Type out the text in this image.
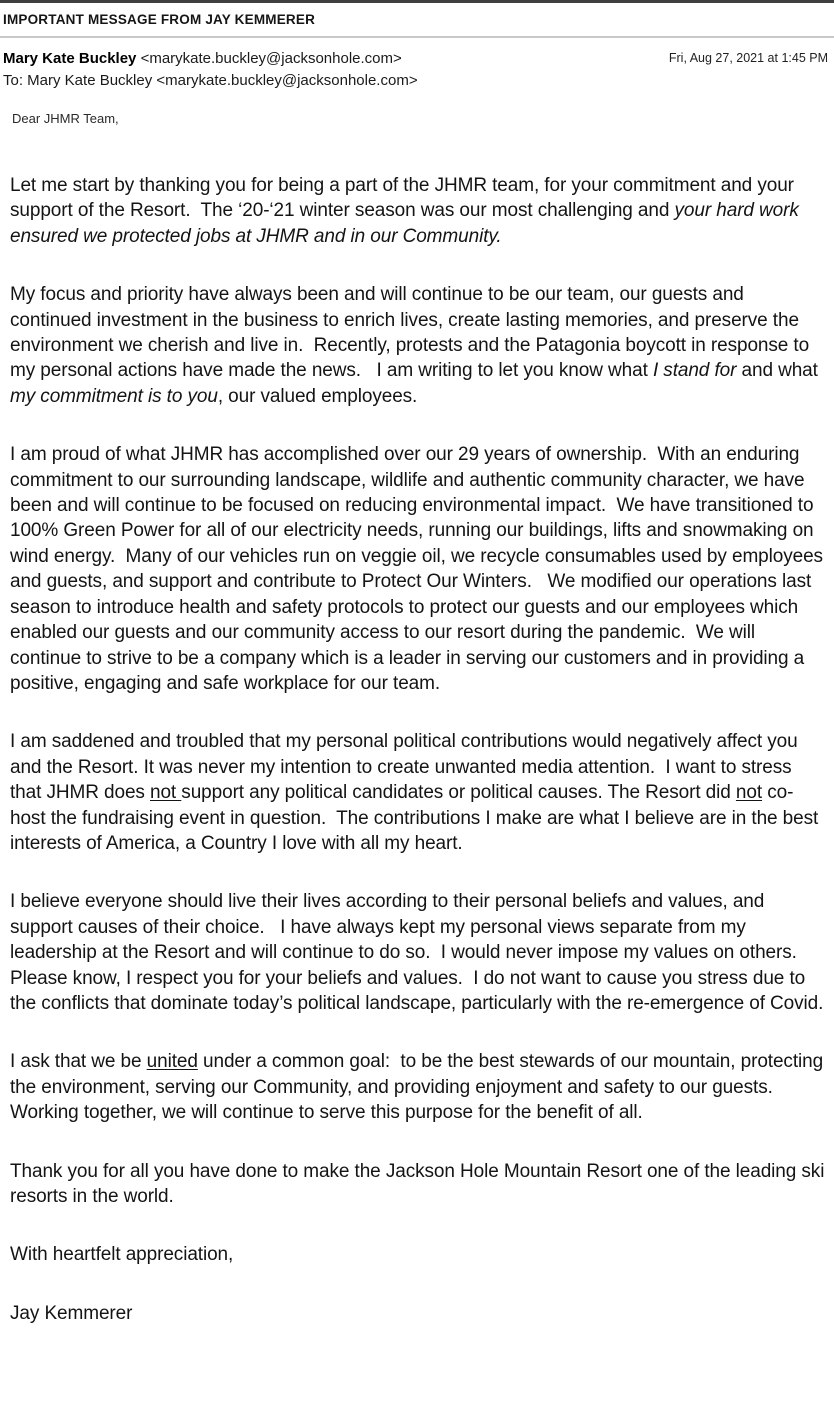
IMPORTANT MESSAGE FROM JAY KEMMERER
Mary Kate Buckley <marykate.buckley@jacksonhole.com>
To: Mary Kate Buckley <marykate.buckley@jacksonhole.com>
Fri, Aug 27, 2021 at 1:45 PM
Dear JHMR Team,

Let me start by thanking you for being a part of the JHMR team, for your commitment and your support of the Resort.  The ‘20-‘21 winter season was our most challenging and your hard work ensured we protected jobs at JHMR and in our Community.

My focus and priority have always been and will continue to be our team, our guests and continued investment in the business to enrich lives, create lasting memories, and preserve the environment we cherish and live in.  Recently, protests and the Patagonia boycott in response to my personal actions have made the news.   I am writing to let you know what I stand for and what my commitment is to you, our valued employees.

I am proud of what JHMR has accomplished over our 29 years of ownership.  With an enduring commitment to our surrounding landscape, wildlife and authentic community character, we have been and will continue to be focused on reducing environmental impact.  We have transitioned to 100% Green Power for all of our electricity needs, running our buildings, lifts and snowmaking on wind energy.  Many of our vehicles run on veggie oil, we recycle consumables used by employees and guests, and support and contribute to Protect Our Winters.   We modified our operations last season to introduce health and safety protocols to protect our guests and our employees which enabled our guests and our community access to our resort during the pandemic.  We will continue to strive to be a company which is a leader in serving our customers and in providing a positive, engaging and safe workplace for our team.

I am saddened and troubled that my personal political contributions would negatively affect you and the Resort. It was never my intention to create unwanted media attention.  I want to stress that JHMR does not support any political candidates or political causes. The Resort did not co-host the fundraising event in question.  The contributions I make are what I believe are in the best interests of America, a Country I love with all my heart.

I believe everyone should live their lives according to their personal beliefs and values, and support causes of their choice.   I have always kept my personal views separate from my leadership at the Resort and will continue to do so.  I would never impose my values on others. Please know, I respect you for your beliefs and values.  I do not want to cause you stress due to the conflicts that dominate today’s political landscape, particularly with the re-emergence of Covid.

I ask that we be united under a common goal:  to be the best stewards of our mountain, protecting the environment, serving our Community, and providing enjoyment and safety to our guests.  Working together, we will continue to serve this purpose for the benefit of all.

Thank you for all you have done to make the Jackson Hole Mountain Resort one of the leading ski resorts in the world.

With heartfelt appreciation,

Jay Kemmerer
